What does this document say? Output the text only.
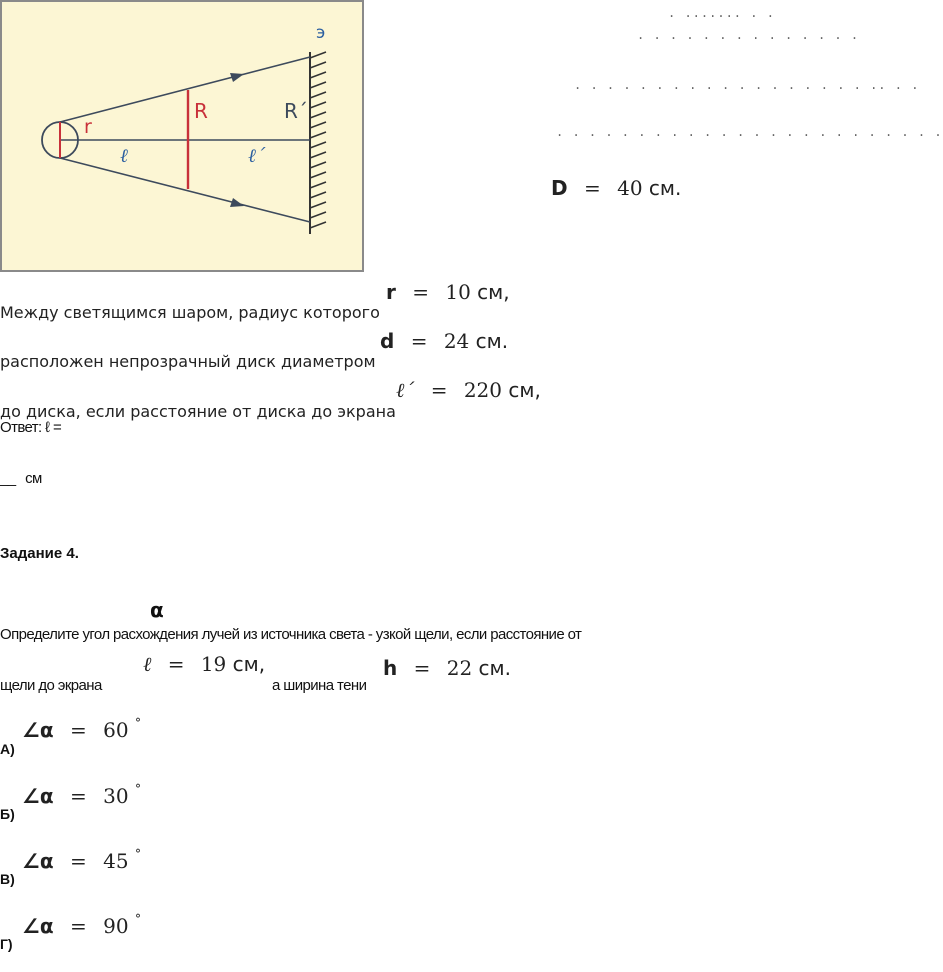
э
r
R	R´
ℓ	ℓ´
. ....... . .
. . . . . . . . . . . . . .
. . . . . . . . . . . . . . . . . . .. . .
. . . . . . . . . . . . . . . . . . . . . . . .
D = 40 см.
r = 10 см,
Между светящимся шаром, радиус которого
d = 24 см.
расположен непрозрачный диск диаметром
ℓ´ = 220 см,
до диска, если расстояние от диска до экрана
Ответ: ℓ =
__ см
Задание 4.
α
Определите угол расхождения лучей из источника света - узкой щели, если расстояние от
ℓ = 19 см,	h = 22 см.
щели до экрана	а ширина тени
∠α = 60 °
А)
∠α = 30 °
Б)
∠α = 45 °
В)
∠α = 90 °
Г)
